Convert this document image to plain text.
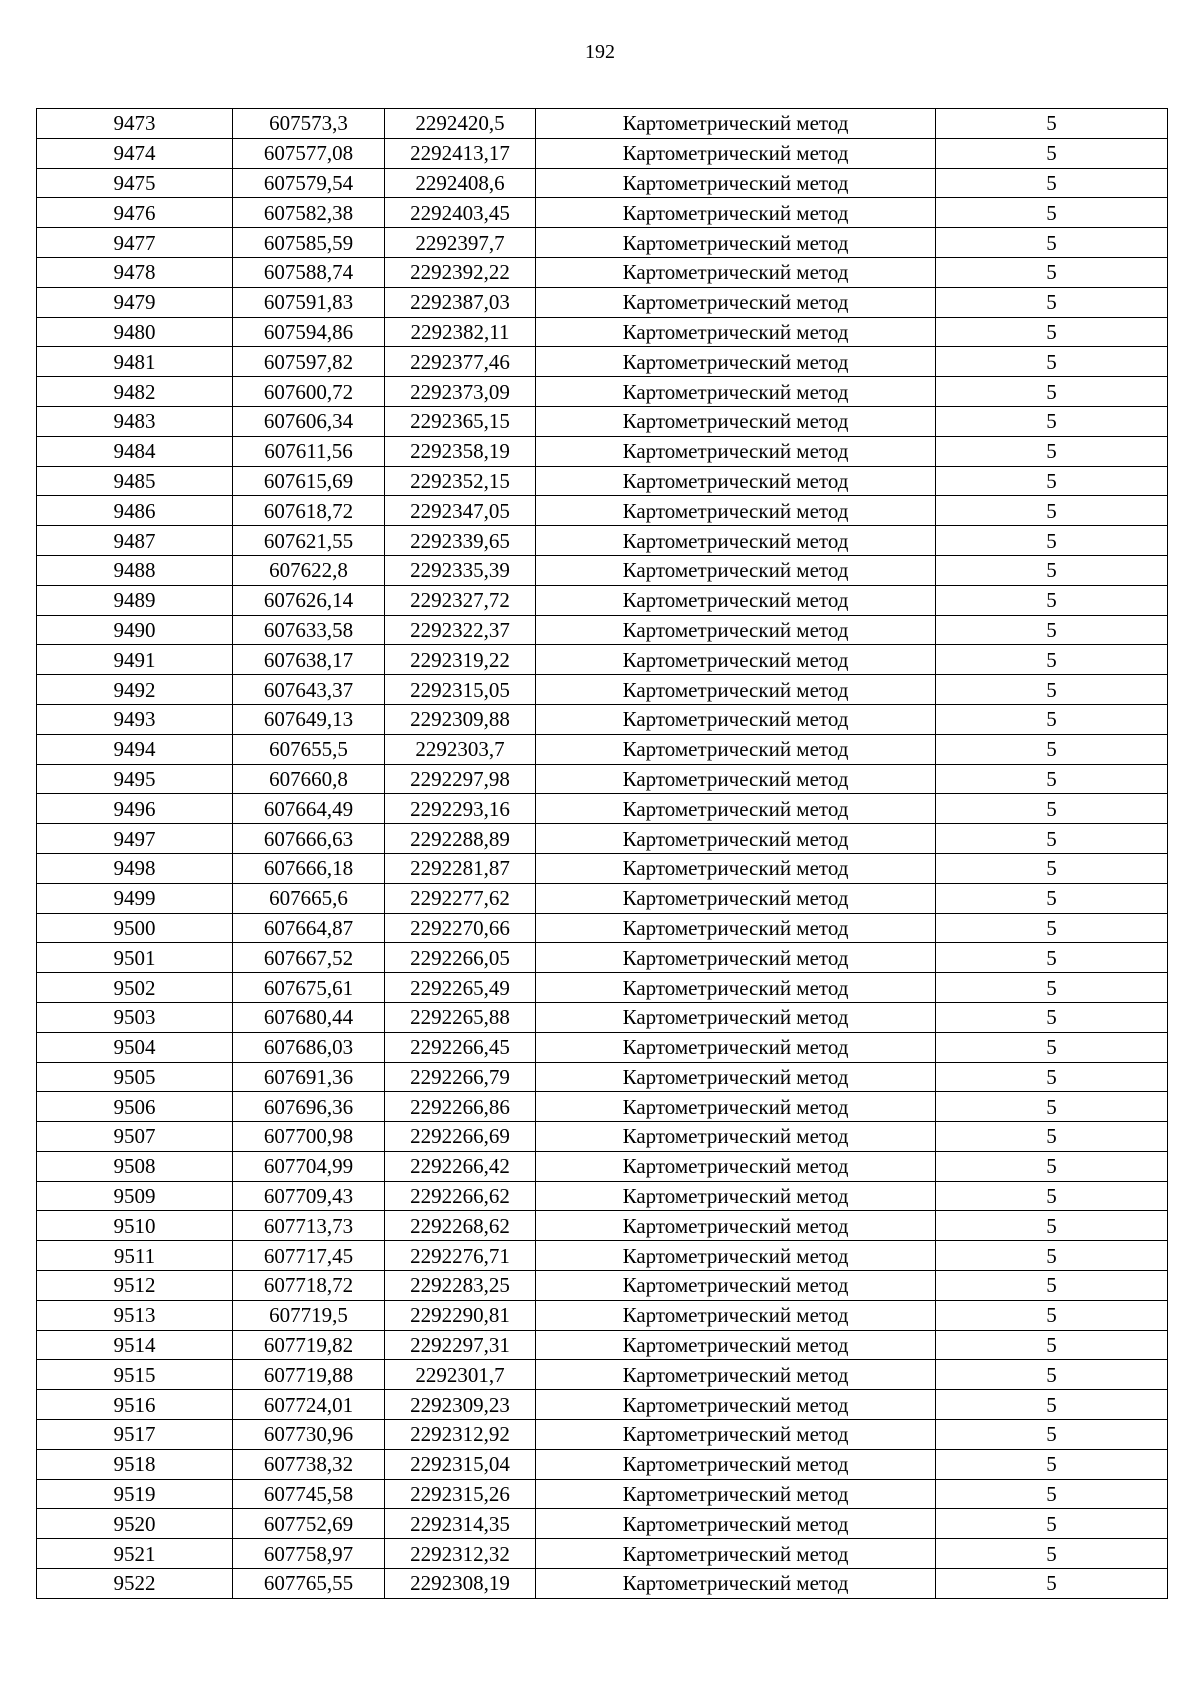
192
9473	607573,3	2292420,5	Картометрический метод	5
9474	607577,08	2292413,17	Картометрический метод	5
9475	607579,54	2292408,6	Картометрический метод	5
9476	607582,38	2292403,45	Картометрический метод	5
9477	607585,59	2292397,7	Картометрический метод	5
9478	607588,74	2292392,22	Картометрический метод	5
9479	607591,83	2292387,03	Картометрический метод	5
9480	607594,86	2292382,11	Картометрический метод	5
9481	607597,82	2292377,46	Картометрический метод	5
9482	607600,72	2292373,09	Картометрический метод	5
9483	607606,34	2292365,15	Картометрический метод	5
9484	607611,56	2292358,19	Картометрический метод	5
9485	607615,69	2292352,15	Картометрический метод	5
9486	607618,72	2292347,05	Картометрический метод	5
9487	607621,55	2292339,65	Картометрический метод	5
9488	607622,8	2292335,39	Картометрический метод	5
9489	607626,14	2292327,72	Картометрический метод	5
9490	607633,58	2292322,37	Картометрический метод	5
9491	607638,17	2292319,22	Картометрический метод	5
9492	607643,37	2292315,05	Картометрический метод	5
9493	607649,13	2292309,88	Картометрический метод	5
9494	607655,5	2292303,7	Картометрический метод	5
9495	607660,8	2292297,98	Картометрический метод	5
9496	607664,49	2292293,16	Картометрический метод	5
9497	607666,63	2292288,89	Картометрический метод	5
9498	607666,18	2292281,87	Картометрический метод	5
9499	607665,6	2292277,62	Картометрический метод	5
9500	607664,87	2292270,66	Картометрический метод	5
9501	607667,52	2292266,05	Картометрический метод	5
9502	607675,61	2292265,49	Картометрический метод	5
9503	607680,44	2292265,88	Картометрический метод	5
9504	607686,03	2292266,45	Картометрический метод	5
9505	607691,36	2292266,79	Картометрический метод	5
9506	607696,36	2292266,86	Картометрический метод	5
9507	607700,98	2292266,69	Картометрический метод	5
9508	607704,99	2292266,42	Картометрический метод	5
9509	607709,43	2292266,62	Картометрический метод	5
9510	607713,73	2292268,62	Картометрический метод	5
9511	607717,45	2292276,71	Картометрический метод	5
9512	607718,72	2292283,25	Картометрический метод	5
9513	607719,5	2292290,81	Картометрический метод	5
9514	607719,82	2292297,31	Картометрический метод	5
9515	607719,88	2292301,7	Картометрический метод	5
9516	607724,01	2292309,23	Картометрический метод	5
9517	607730,96	2292312,92	Картометрический метод	5
9518	607738,32	2292315,04	Картометрический метод	5
9519	607745,58	2292315,26	Картометрический метод	5
9520	607752,69	2292314,35	Картометрический метод	5
9521	607758,97	2292312,32	Картометрический метод	5
9522	607765,55	2292308,19	Картометрический метод	5
